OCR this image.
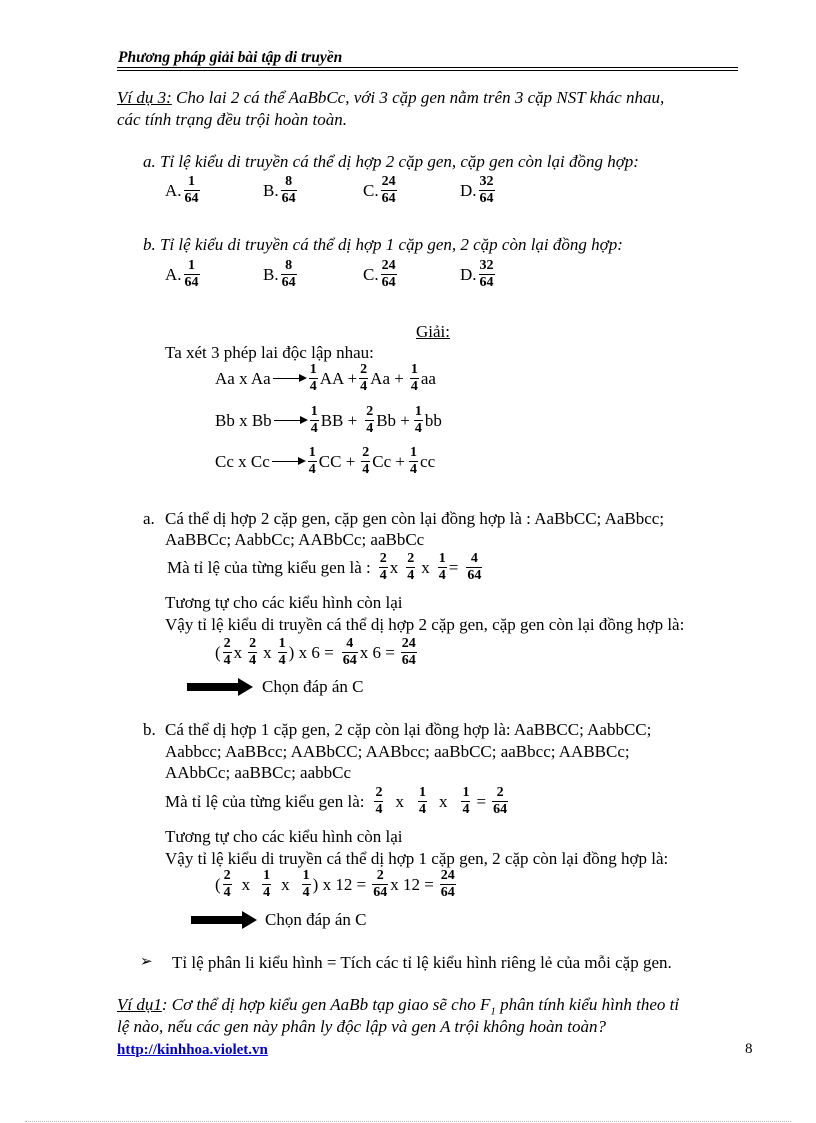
Phương pháp giải bài tập di truyền
Ví dụ 3: Cho lai 2 cá thể AaBbCc, với 3 cặp gen nằm trên 3 cặp NST khác nhau,
các tính trạng đều trội hoàn toàn.
a. Tỉ lệ kiểu di truyền cá thể dị hợp 2 cặp gen, cặp gen còn lại đồng hợp:
A. $\frac{1}{64}$	B. $\frac{8}{64}$	C. $\frac{24}{64}$	D. $\frac{32}{64}$
b. Tỉ lệ kiểu di truyền cá thể dị hợp 1 cặp gen, 2 cặp còn lại đồng hợp:
A. $\frac{1}{64}$	B. $\frac{8}{64}$	C. $\frac{24}{64}$	D. $\frac{32}{64}$
Giải:
Ta xét 3 phép lai độc lập nhau:
Aa x Aa	$\frac{1}{4}$ AA + $\frac{2}{4}$ $Aa + \frac{1}{4}$ aa
Bb x Bb	$\frac{1}{4}$ BB + $\frac{2}{4}$ $Bb + \frac{1}{4}$ bb
Cc x Cc	$\frac{1}{4}$ CC + $\frac{2}{4}$ $Cc + \frac{1}{4}$ cc
a. Cá thể dị hợp 2 cặp gen, cặp gen còn lại đồng hợp là : AaBbCC; AaBbcc;
AaBBCc; AabbCc; AABbCc; aaBbCc
Mà tỉ lệ của từng kiểu gen là : $\frac{2}{4}$ x $\frac{2}{4}$ x $\frac{1}{4} = \frac{4}{64}$
Tương tự cho các kiểu hình còn lại
Vậy tỉ lệ kiểu di truyền cá thể dị hợp 2 cặp gen, cặp gen còn lại đồng hợp là:
( $\frac{2}{4}$ x $\frac{2}{4}$ x $\frac{1}{4}$ ) x $6 = \frac{4}{64}$ x $6 = \frac{24}{64}$
Chọn đáp án C
b. Cá thể dị hợp 1 cặp gen, 2 cặp còn lại đồng hợp là: AaBBCC; AabbCC;
Aabbcc; AaBBcc; AABbCC; AABbcc; aaBbCC; aaBbcc; AABBCc;
AAbbCc; aaBBCc; aabbCc
Mà tỉ lệ của từng kiểu gen là: $\frac{2}{4}$ x $\frac{1}{4}$ x $\frac{1}{4} = \frac{2}{64}$
Tương tự cho các kiểu hình còn lại
Vậy tỉ lệ kiểu di truyền cá thể dị hợp 1 cặp gen, 2 cặp còn lại đồng hợp là:
( $\frac{2}{4}$ x $\frac{1}{4}$ x $\frac{1}{4}$ ) x $12 = \frac{2}{64}$ x $12 = \frac{24}{64}$
Chọn đáp án C
➢ Tỉ lệ phân li kiểu hình = Tích các tỉ lệ kiểu hình riêng lẻ của mỗi cặp gen.
Ví dụ1: Cơ thể dị hợp kiểu gen AaBb tạp giao sẽ cho $F_1$ phân tính kiểu hình theo tỉ
lệ nào, nếu các gen này phân ly độc lập và gen A trội không hoàn toàn?
http://kinhhoa.violet.vn	8
